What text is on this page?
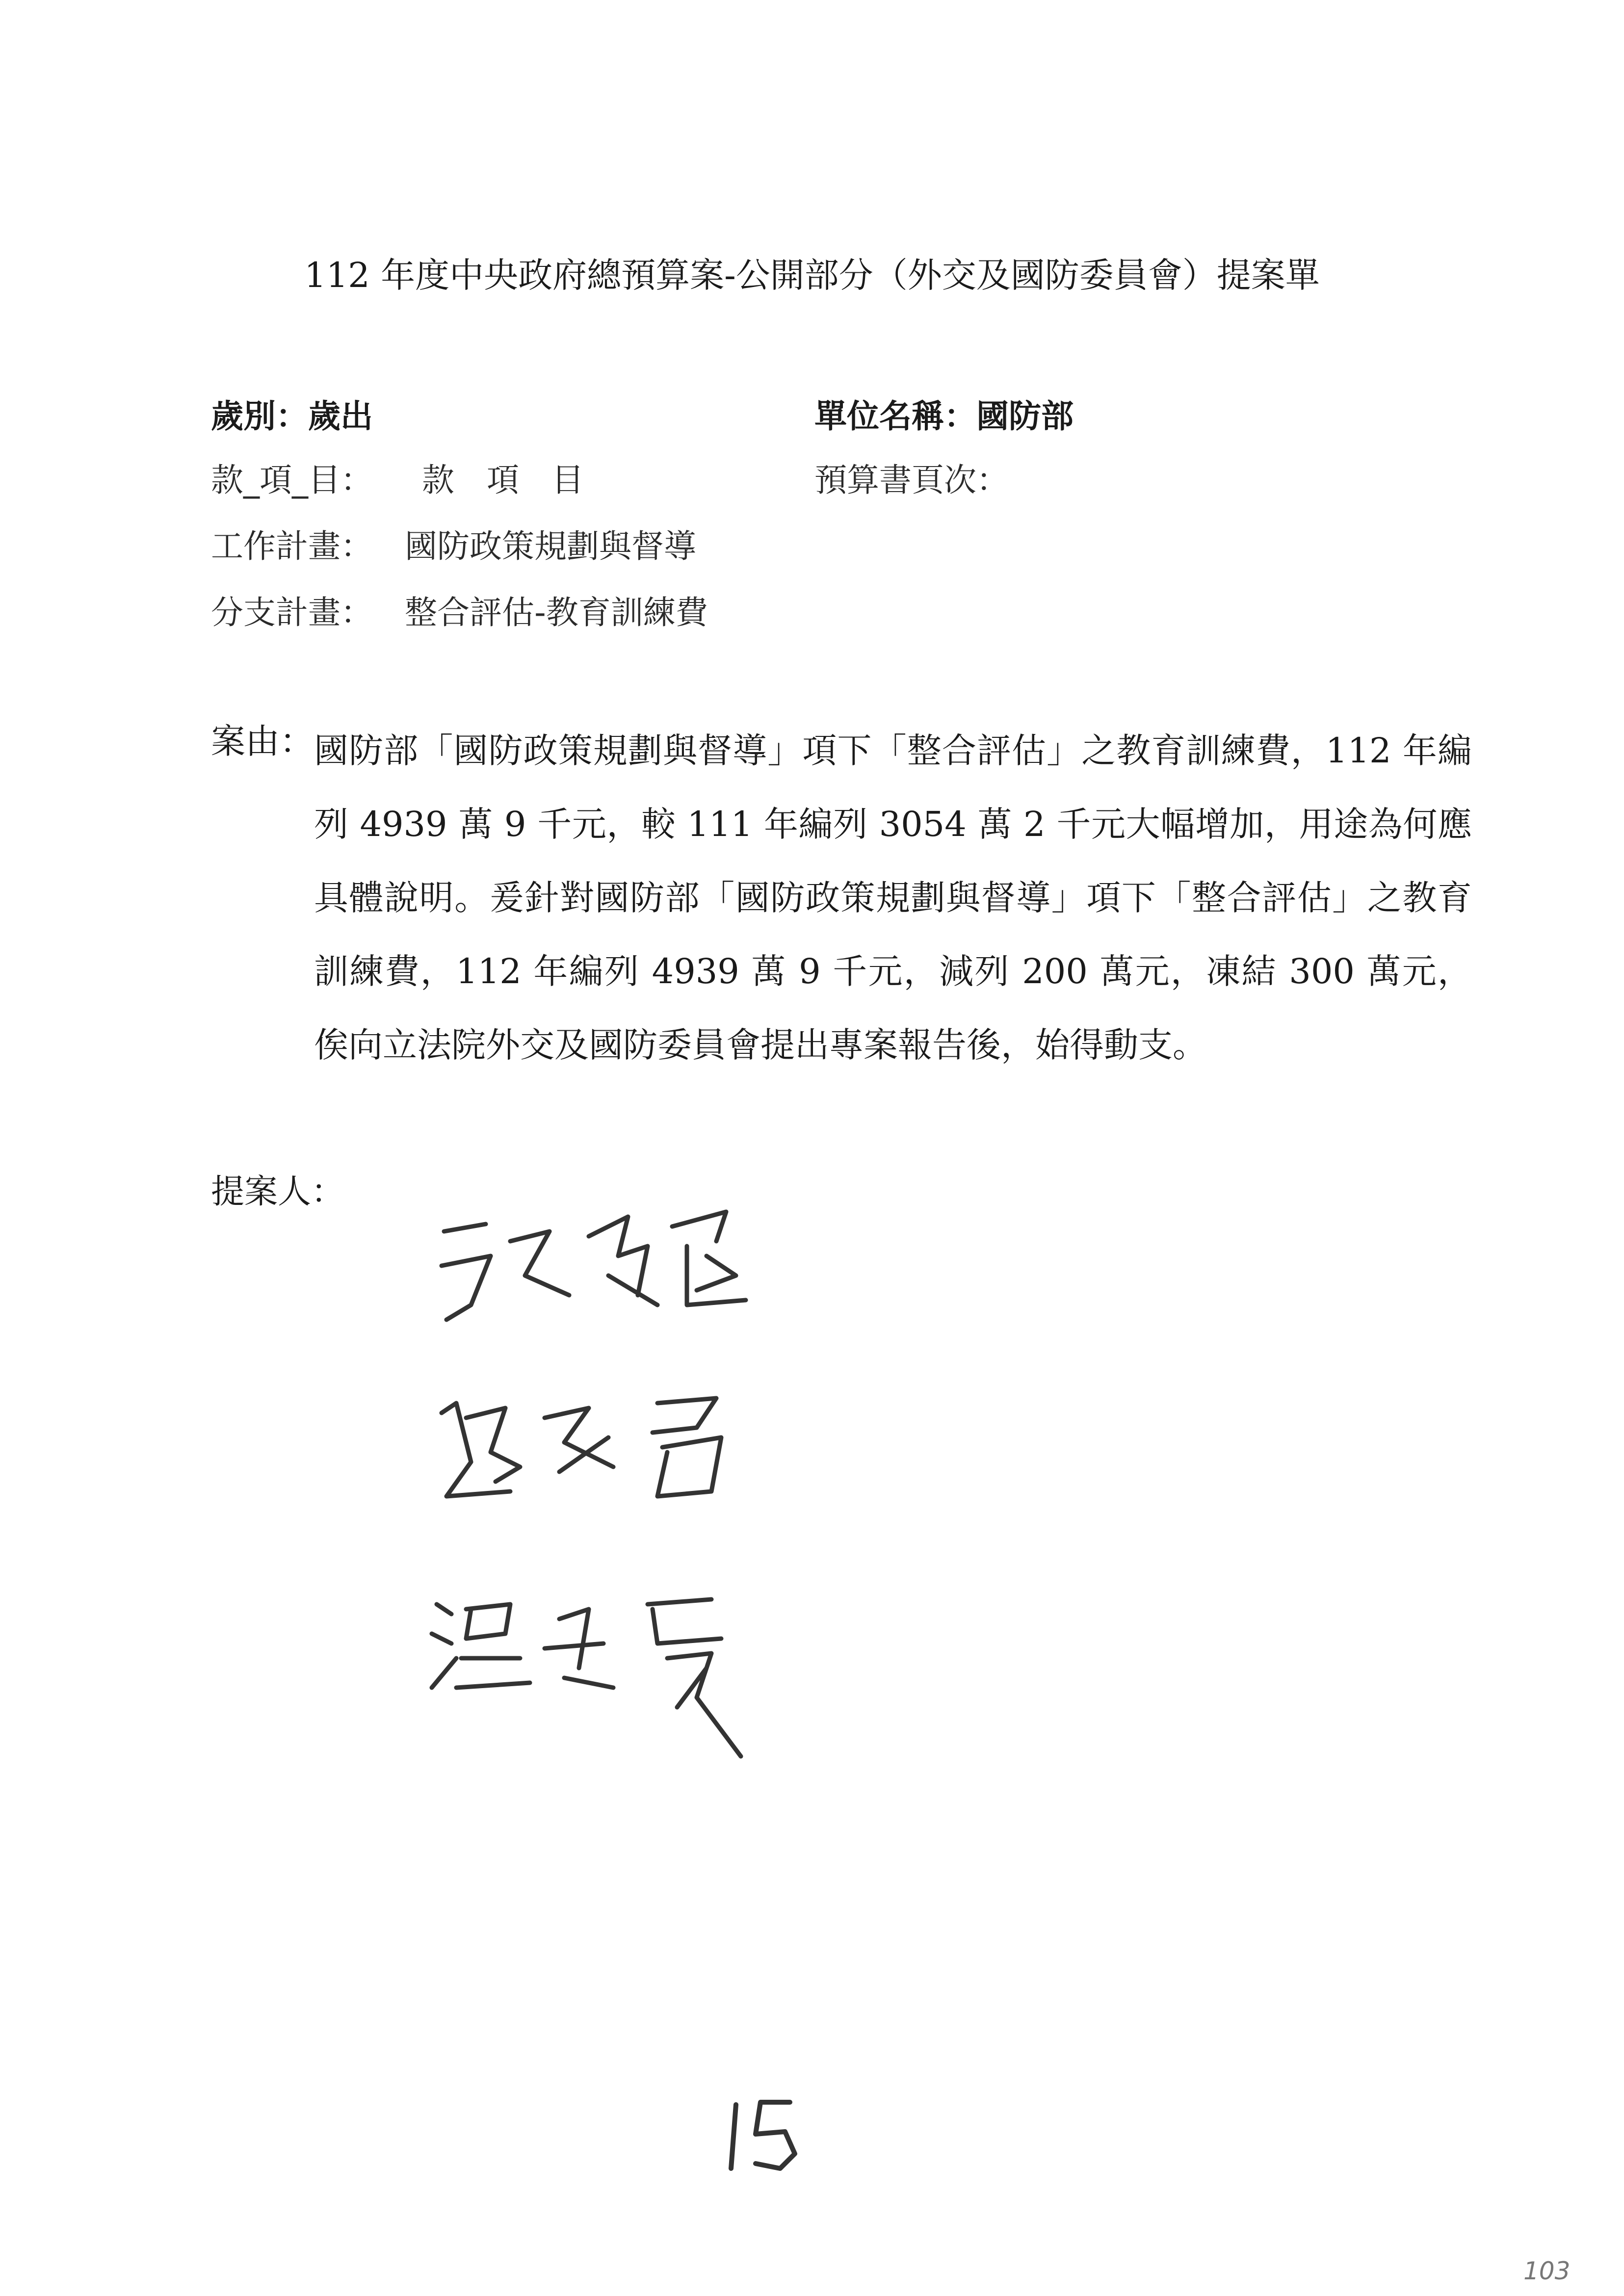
112 年度中央政府總預算案-公開部分（外交及國防委員會）提案單
歲別：歲出	單位名稱：國防部
款_項_目： 款　項　目	預算書頁次：
工作計畫： 國防政策規劃與督導
分支計畫： 整合評估-教育訓練費
案由： 國防部「國防政策規劃與督導」項下「整合評估」之教育訓練費，112 年編列 4939 萬 9 千元，較 111 年編列 3054 萬 2 千元大幅增加，用途為何應具體說明。爰針對國防部「國防政策規劃與督導」項下「整合評估」之教育訓練費，112 年編列 4939 萬 9 千元，減列 200 萬元，凍結 300 萬元，俟向立法院外交及國防委員會提出專案報告後，始得動支。
提案人：
103
